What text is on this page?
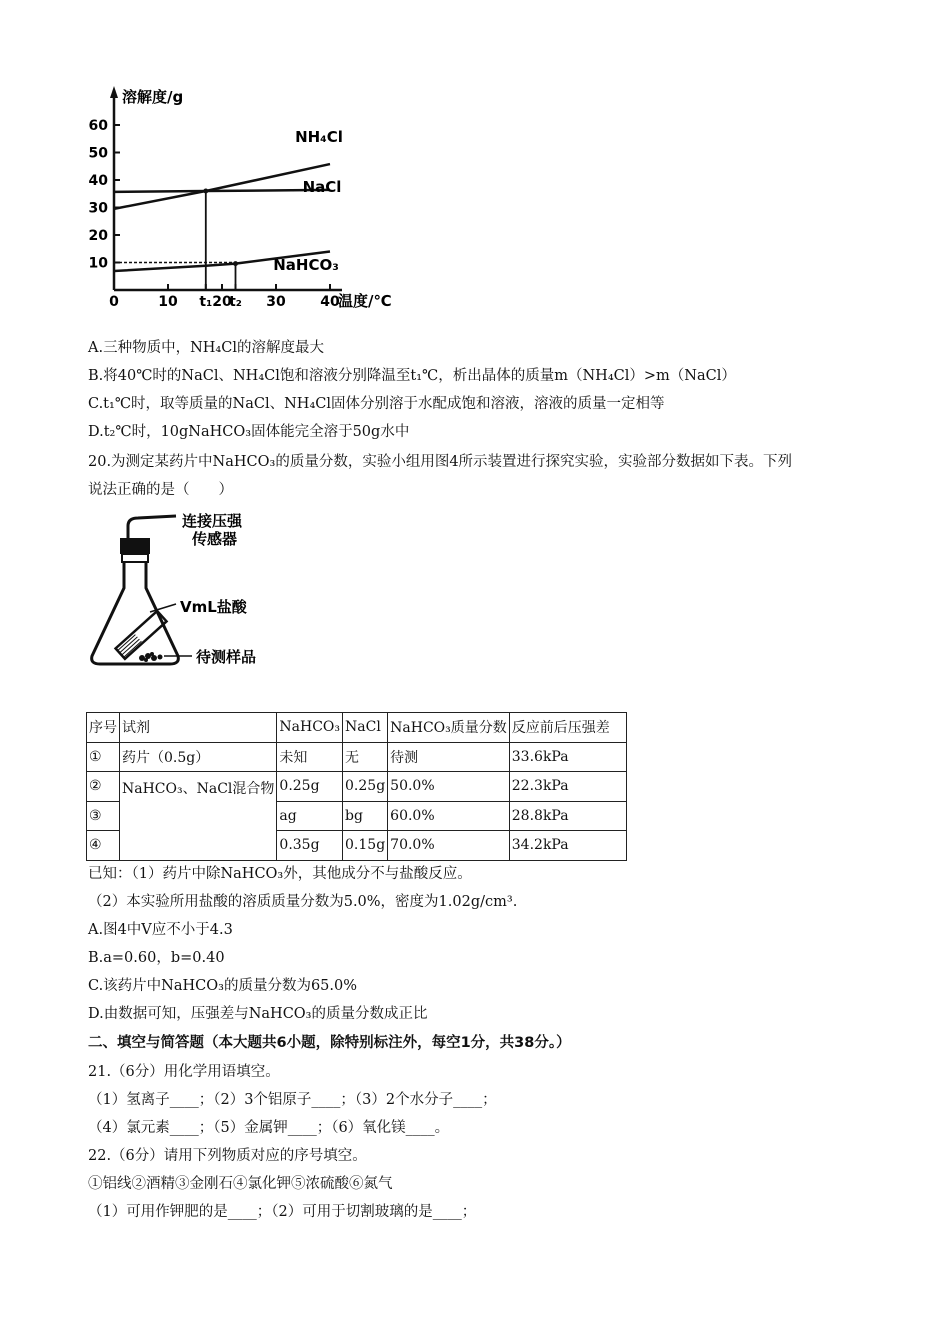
溶解度/g
温度/℃
10
20
30
40
50
60
0	10 t₁ 20
t₂ 30 40
NH₄Cl
NaCl
NaHCO₃
A.三种物质中，NH₄Cl的溶解度最大
B.将40℃时的NaCl、NH₄Cl饱和溶液分别降温至t₁℃，析出晶体的质量m（NH₄Cl）>m（NaCl）
C.t₁℃时，取等质量的NaCl、NH₄Cl固体分别溶于水配成饱和溶液，溶液的质量一定相等
D.t₂℃时，10gNaHCO₃固体能完全溶于50g水中
20.为测定某药片中NaHCO₃的质量分数，实验小组用图4所示装置进行探究实验，实验部分数据如下表。下列
说法正确的是（　　）
连接压强
传感器
VmL盐酸
待测样品
序号	试剂	NaHCO₃	NaCl	NaHCO₃质量分数	反应前后压强差
①	药片（0.5g）	未知	无	待测	33.6kPa
②	NaHCO₃、NaCl混合物	0.25g	0.25g	50.0%	22.3kPa
③		ag	bg	60.0%	28.8kPa
④		0.35g	0.15g	70.0%	34.2kPa
已知：（1）药片中除NaHCO₃外，其他成分不与盐酸反应。
（2）本实验所用盐酸的溶质质量分数为5.0%，密度为1.02g/cm³.
A.图4中V应不小于4.3
B.a=0.60，b=0.40
C.该药片中NaHCO₃的质量分数为65.0%
D.由数据可知，压强差与NaHCO₃的质量分数成正比
二、填空与简答题（本大题共6小题，除特别标注外，每空1分，共38分。）
21.（6分）用化学用语填空。
（1）氢离子____；（2）3个铝原子____；（3）2个水分子____；
（4）氯元素____；（5）金属钾____；（6）氧化镁____。
22.（6分）请用下列物质对应的序号填空。
①铝线②酒精③金刚石④氯化钾⑤浓硫酸⑥氮气
（1）可用作钾肥的是____；（2）可用于切割玻璃的是____；
